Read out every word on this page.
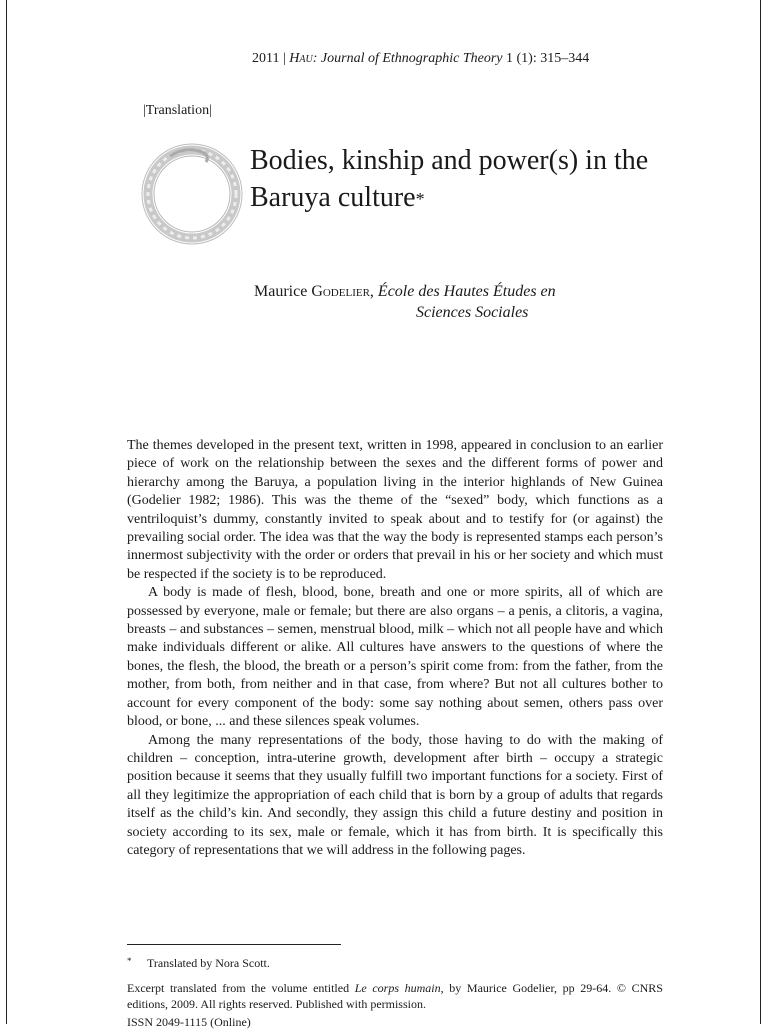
2011 | Hau: Journal of Ethnographic Theory 1 (1): 315–344
|Translation|
Bodies, kinship and power(s) in the Baruya culture*
Maurice Godelier, École des Hautes Études en
Sciences Sociales

The themes developed in the present text, written in 1998, appeared in conclusion to an earlier piece of work on the relationship between the sexes and the different forms of power and hierarchy among the Baruya, a population living in the interior highlands of New Guinea (Godelier 1982; 1986). This was the theme of the “sexed” body, which functions as a ventriloquist’s dummy, constantly invited to speak about and to testify for (or against) the prevailing social order. The idea was that the way the body is represented stamps each person’s innermost subjectivity with the order or orders that prevail in his or her society and which must be respected if the society is to be reproduced.

A body is made of flesh, blood, bone, breath and one or more spirits, all of which are possessed by everyone, male or female; but there are also organs – a penis, a clitoris, a vagina, breasts – and substances – semen, menstrual blood, milk – which not all people have and which make individuals different or alike. All cultures have answers to the questions of where the bones, the flesh, the blood, the breath or a person’s spirit come from: from the father, from the mother, from both, from neither and in that case, from where? But not all cultures bother to account for every component of the body: some say nothing about semen, others pass over blood, or bone, ... and these silences speak volumes.

Among the many representations of the body, those having to do with the making of children – conception, intra-uterine growth, development after birth – occupy a strategic position because it seems that they usually fulfill two important functions for a society. First of all they legitimize the appropriation of each child that is born by a group of adults that regards itself as the child’s kin. And secondly, they assign this child a future destiny and position in society according to its sex, male or female, which it has from birth. It is specifically this category of representations that we will address in the following pages.

* Translated by Nora Scott.
Excerpt translated from the volume entitled Le corps humain, by Maurice Godelier, pp 29-64. © CNRS editions, 2009. All rights reserved. Published with permission.
ISSN 2049-1115 (Online)
